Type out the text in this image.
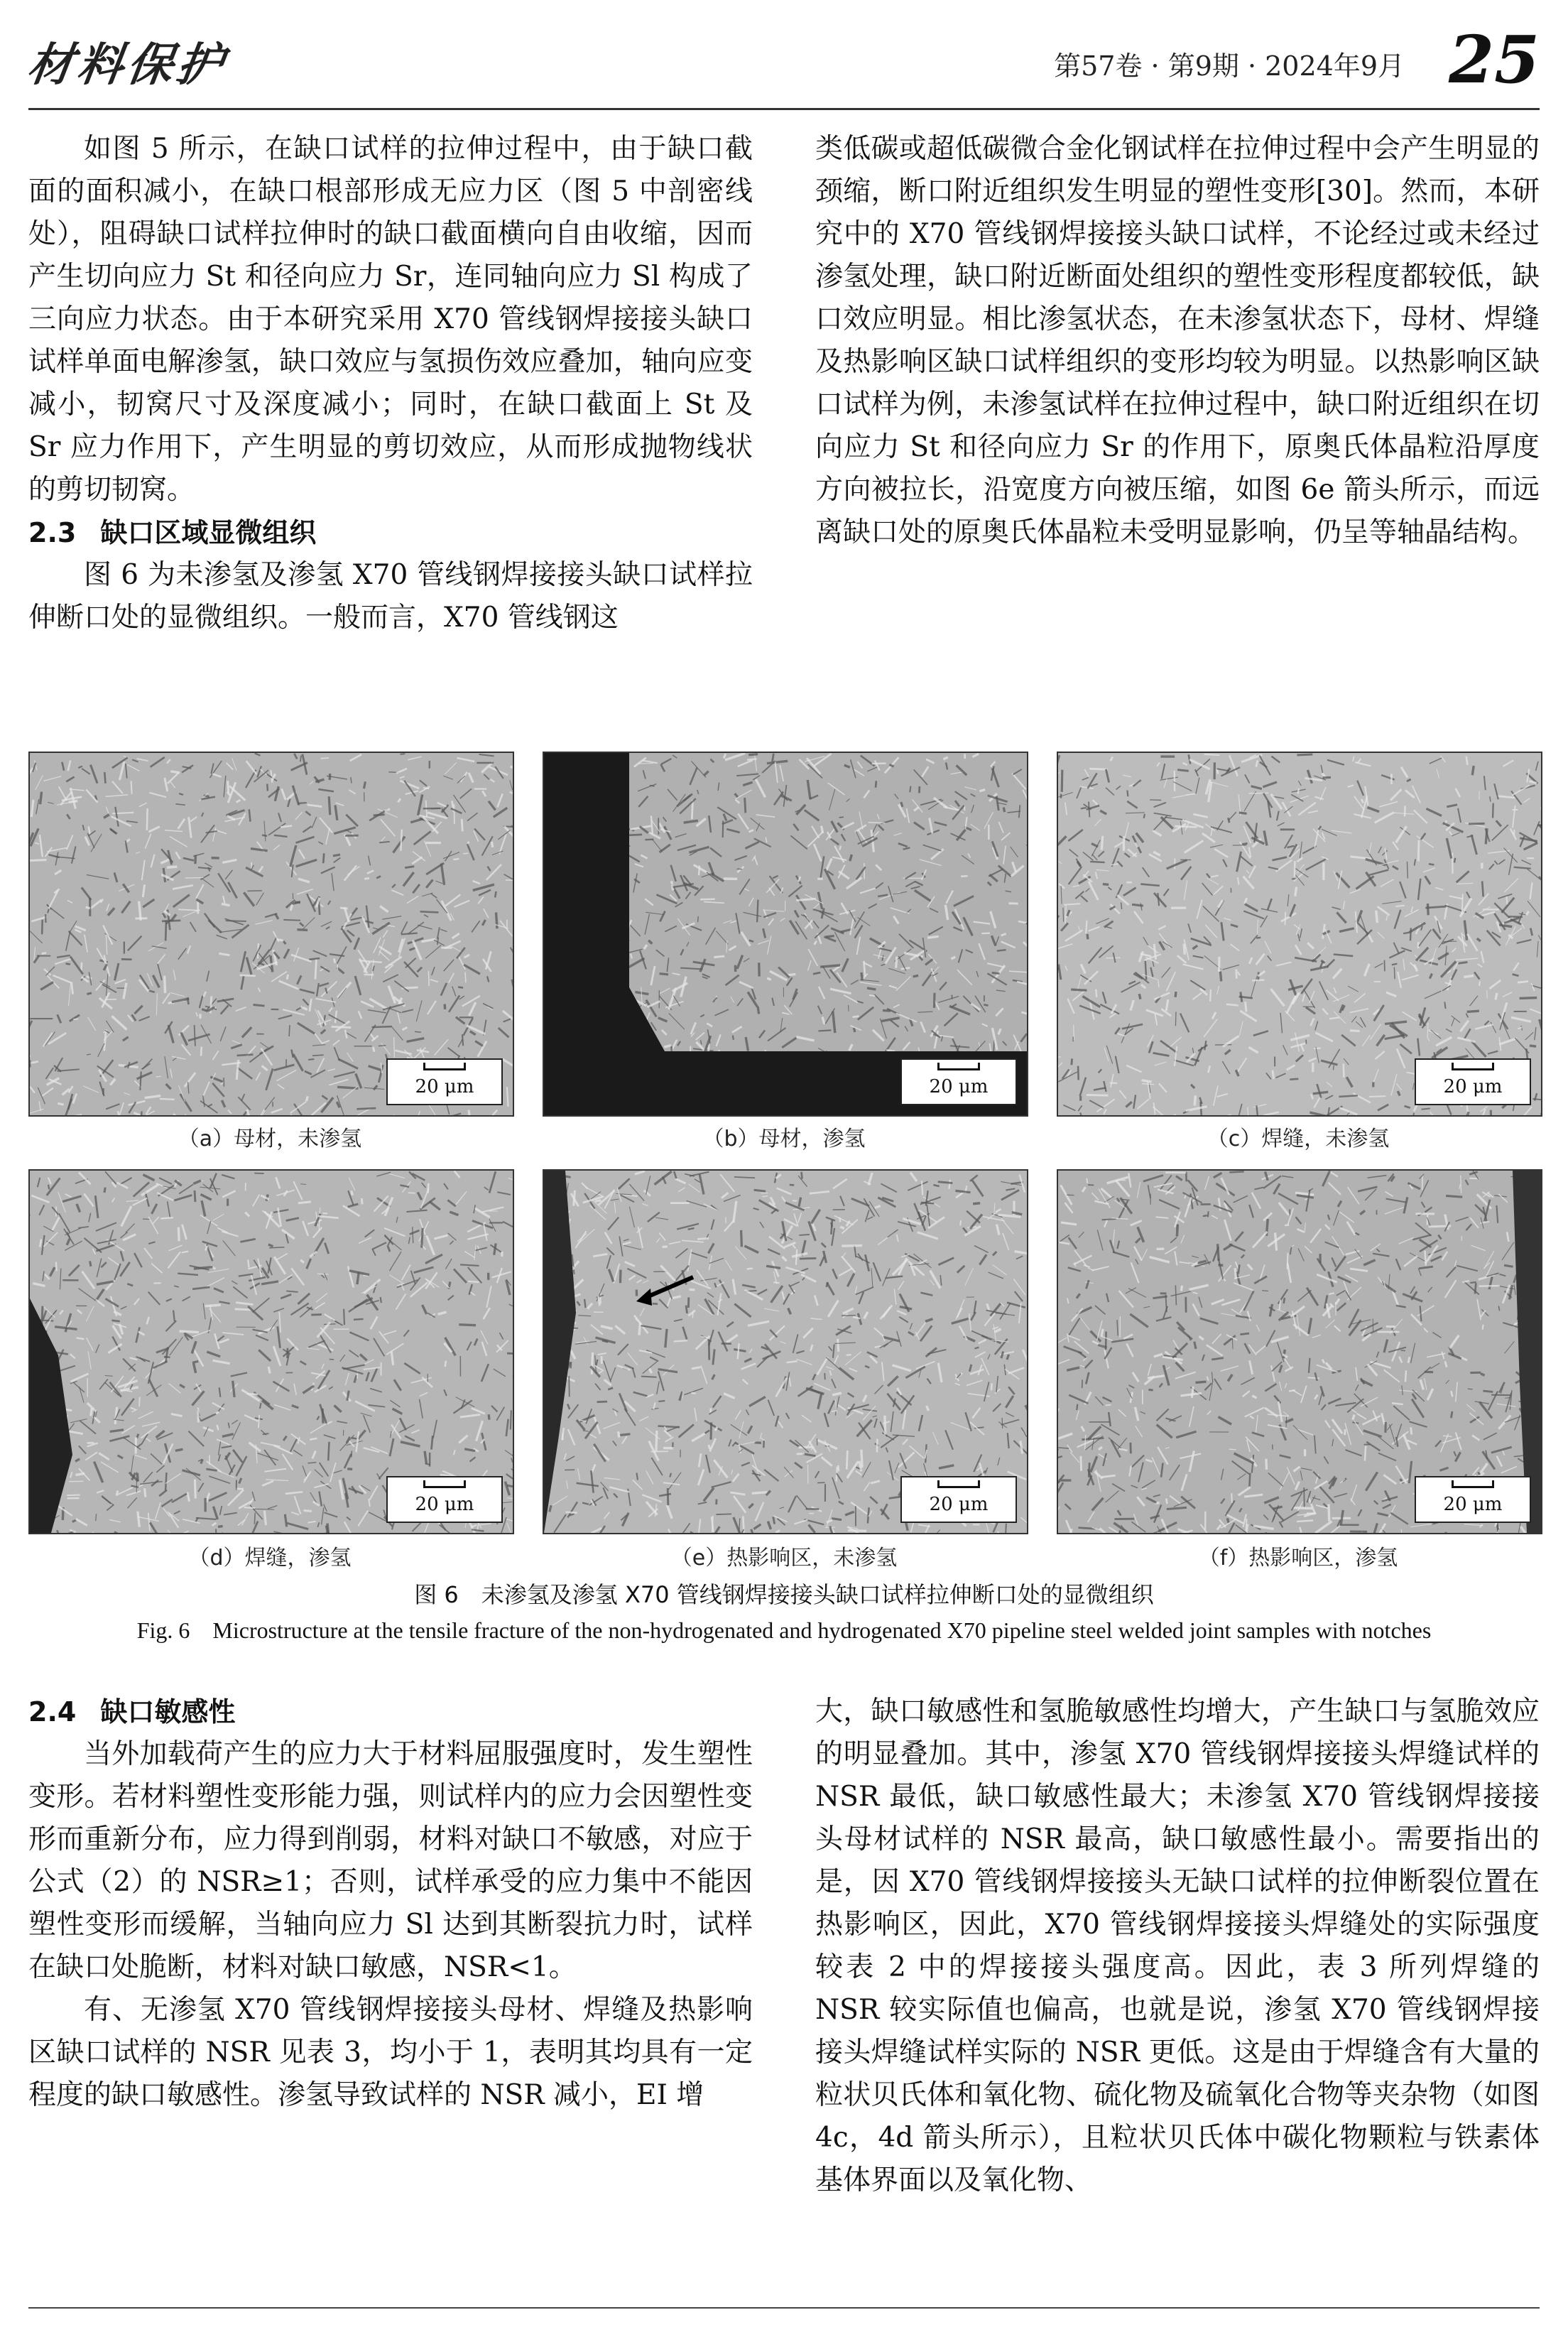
材料保护	第57卷 · 第9期 · 2024年9月 25

如图 5 所示，在缺口试样的拉伸过程中，由于缺口截面的面积减小，在缺口根部形成无应力区（图 5 中剖密线处），阻碍缺口试样拉伸时的缺口截面横向自由收缩，因而产生切向应力 St 和径向应力 Sr，连同轴向应力 Sl 构成了三向应力状态。由于本研究采用 X70 管线钢焊接接头缺口试样单面电解渗氢，缺口效应与氢损伤效应叠加，轴向应变减小，韧窝尺寸及深度减小；同时，在缺口截面上 St 及 Sr 应力作用下，产生明显的剪切效应，从而形成抛物线状的剪切韧窝。

2.3 缺口区域显微组织

图 6 为未渗氢及渗氢 X70 管线钢焊接接头缺口试样拉伸断口处的显微组织。一般而言，X70 管线钢这

类低碳或超低碳微合金化钢试样在拉伸过程中会产生明显的颈缩，断口附近组织发生明显的塑性变形[30]。然而，本研究中的 X70 管线钢焊接接头缺口试样，不论经过或未经过渗氢处理，缺口附近断面处组织的塑性变形程度都较低，缺口效应明显。相比渗氢状态，在未渗氢状态下，母材、焊缝及热影响区缺口试样组织的变形均较为明显。以热影响区缺口试样为例，未渗氢试样在拉伸过程中，缺口附近组织在切向应力 St 和径向应力 Sr 的作用下，原奥氏体晶粒沿厚度方向被拉长，沿宽度方向被压缩，如图 6e 箭头所示，而远离缺口处的原奥氏体晶粒未受明显影响，仍呈等轴晶结构。

20 μm	20 μm	20 μm
（a）母材，未渗氢	（b）母材，渗氢	（c）焊缝，未渗氢
20 μm	20 μm	20 μm
（d）焊缝，渗氢	（e）热影响区，未渗氢	（f）热影响区，渗氢
图 6　未渗氢及渗氢 X70 管线钢焊接接头缺口试样拉伸断口处的显微组织
Fig. 6　Microstructure at the tensile fracture of the non-hydrogenated and hydrogenated X70 pipeline steel welded joint samples with notches
2.4 缺口敏感性

当外加载荷产生的应力大于材料屈服强度时，发生塑性变形。若材料塑性变形能力强，则试样内的应力会因塑性变形而重新分布，应力得到削弱，材料对缺口不敏感，对应于公式（2）的 NSR≥1；否则，试样承受的应力集中不能因塑性变形而缓解，当轴向应力 Sl 达到其断裂抗力时，试样在缺口处脆断，材料对缺口敏感，NSR<1。

有、无渗氢 X70 管线钢焊接接头母材、焊缝及热影响区缺口试样的 NSR 见表 3，均小于 1，表明其均具有一定程度的缺口敏感性。渗氢导致试样的 NSR 减小，EI 增

大，缺口敏感性和氢脆敏感性均增大，产生缺口与氢脆效应的明显叠加。其中，渗氢 X70 管线钢焊接接头焊缝试样的 NSR 最低，缺口敏感性最大；未渗氢 X70 管线钢焊接接头母材试样的 NSR 最高，缺口敏感性最小。需要指出的是，因 X70 管线钢焊接接头无缺口试样的拉伸断裂位置在热影响区，因此，X70 管线钢焊接接头焊缝处的实际强度较表 2 中的焊接接头强度高。因此，表 3 所列焊缝的 NSR 较实际值也偏高，也就是说，渗氢 X70 管线钢焊接接头焊缝试样实际的 NSR 更低。这是由于焊缝含有大量的粒状贝氏体和氧化物、硫化物及硫氧化合物等夹杂物（如图 4c，4d 箭头所示），且粒状贝氏体中碳化物颗粒与铁素体基体界面以及氧化物、
